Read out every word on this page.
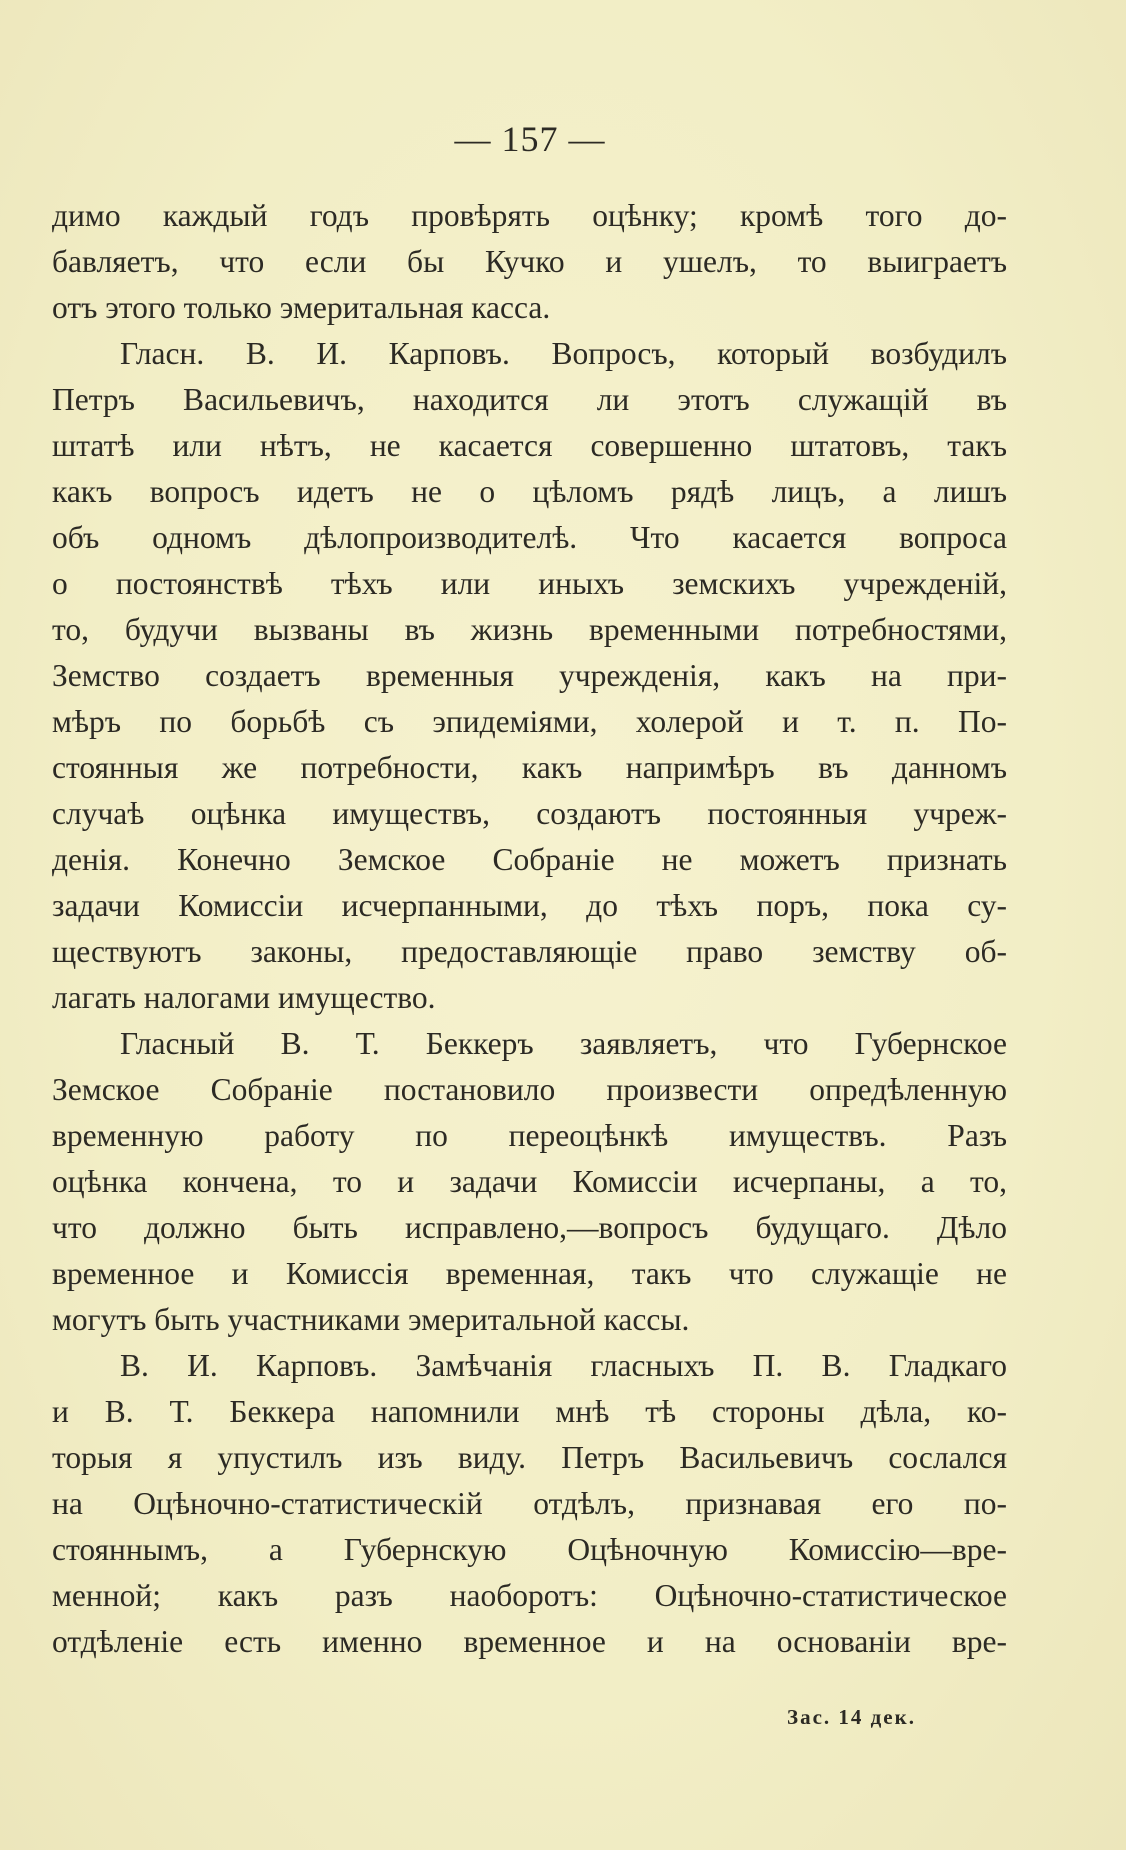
— 157 —
димо каждый годъ провѣрять оцѣнку; кромѣ того до-
бавляетъ, что если бы Кучко и ушелъ, то выиграетъ
отъ этого только эмеритальная касса.
Гласн. В. И. Карповъ. Вопросъ, который возбудилъ
Петръ Васильевичъ, находится ли этотъ служащій въ
штатѣ или нѣтъ, не касается совершенно штатовъ, такъ
какъ вопросъ идетъ не о цѣломъ рядѣ лицъ, а лишъ
объ одномъ дѣлопроизводителѣ. Что касается вопроса
о постоянствѣ тѣхъ или иныхъ земскихъ учрежденій,
то, будучи вызваны въ жизнь временными потребностями,
Земство создаетъ временныя учрежденія, какъ на при-
мѣръ по борьбѣ съ эпидеміями, холерой и т. п. По-
стоянныя же потребности, какъ напримѣръ въ данномъ
случаѣ оцѣнка имуществъ, создаютъ постоянныя учреж-
денія. Конечно Земское Собраніе не можетъ признать
задачи Комиссіи исчерпанными, до тѣхъ поръ, пока су-
ществуютъ законы, предоставляющіе право земству об-
лагать налогами имущество.
Гласный В. Т. Беккеръ заявляетъ, что Губернское
Земское Собраніе постановило произвести опредѣленную
временную работу по переоцѣнкѣ имуществъ. Разъ
оцѣнка кончена, то и задачи Комиссіи исчерпаны, а то,
что должно быть исправлено,—вопросъ будущаго. Дѣло
временное и Комиссія временная, такъ что служащіе не
могутъ быть участниками эмеритальной кассы.
В. И. Карповъ. Замѣчанія гласныхъ П. В. Гладкаго
и В. Т. Беккера напомнили мнѣ тѣ стороны дѣла, ко-
торыя я упустилъ изъ виду. Петръ Васильевичъ сослался
на Оцѣночно-статистическій отдѣлъ, признавая его по-
стояннымъ, а Губернскую Оцѣночную Комиссію—вре-
менной; какъ разъ наоборотъ: Оцѣночно-статистическое
отдѣленіе есть именно временное и на основаніи вре-
Зас. 14 дек.
